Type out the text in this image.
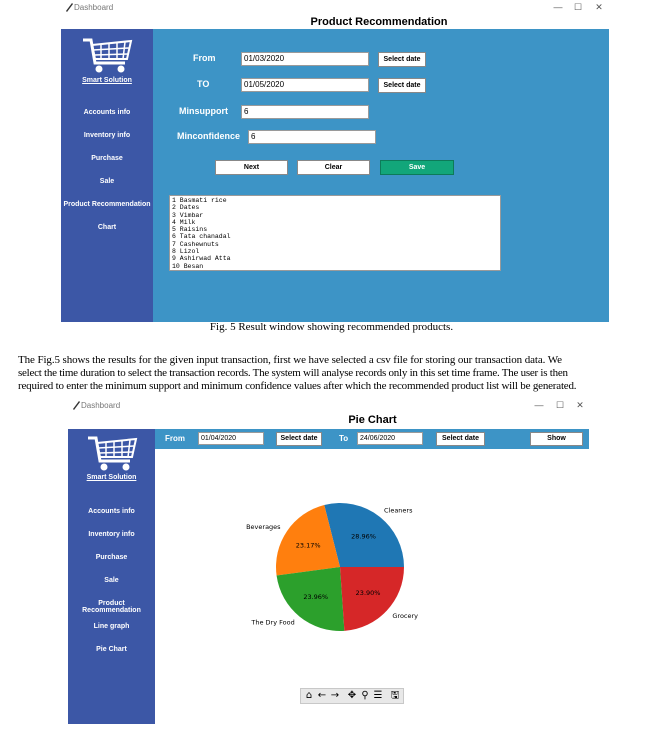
Dashboard	—	☐	✕
Product Recommendation
Smart Solution
Accounts info
Inventory info
Purchase
Sale
Product Recommendation
Chart
From	01/03/2020	Select date
TO	01/05/2020	Select date
Minsupport	6
Minconfidence	6
Next	Clear	Save
1 Basmati rice
2 Dates
3 Vimbar
4 Milk
5 Raisins
6 Tata chanadal
7 Cashewnuts
8 Lizol
9 Ashirwad Atta
10 Besan
Fig. 5 Result window showing recommended products.
The Fig.5 shows the results for the given input transaction, first we have selected a csv file for storing our transaction data. We
select the time duration to select the transaction records. The system will analyse records only in this set time frame. The user is then
required to enter the minimum support and minimum confidence values after which the recommended product list will be generated.
Dashboard	—	☐	✕
Pie Chart
Smart Solution
Accounts info
Inventory info
Purchase
Sale
Product Recommendation
Line graph
Pie Chart
From	01/04/2020	Select date	To	24/06/2020	Select date	Show
28.96%
Cleaners
23.17%
Beverages
23.96%
The Dry Food
23.90%
Grocery
⌂ ← → ✥ ⚲ ☰ 🖫
